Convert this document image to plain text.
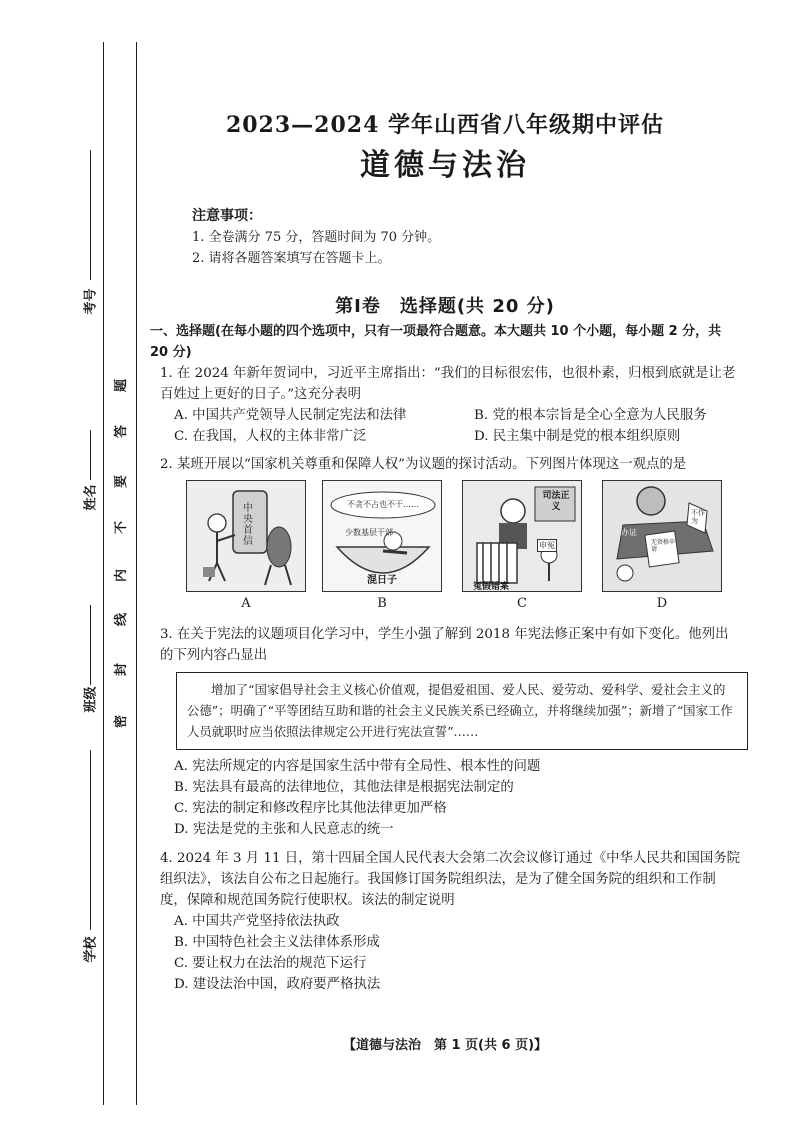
考号
姓名
班级
学校
密
封
线
内
不
要
答
题
2023—2024 学年山西省八年级期中评估
道德与法治
注意事项：
1. 全卷满分 75 分，答题时间为 70 分钟。
2. 请将各题答案填写在答题卡上。
第Ⅰ卷　选择题(共 20 分)
一、选择题(在每小题的四个选项中，只有一项最符合题意。本大题共 10 个小题，每小题 2 分，共 20 分)
1. 在 2024 年新年贺词中，习近平主席指出：“我们的目标很宏伟，也很朴素，归根到底就是让老百姓过上更好的日子。”这充分表明
A. 中国共产党领导人民制定宪法和法律	B. 党的根本宗旨是全心全意为人民服务
C. 在我国，人权的主体非常广泛	D. 民主集中制是党的根本组织原则
2. 某班开展以“国家机关尊重和保障人权”为议题的探讨活动。下列图片体现这一观点的是
中央首信
A
不贪不占也不干……
少数基层干部
混日子
B
司法正义
冤假错案
申冤
C
不作为
办证
无资格申请
D
3. 在关于宪法的议题项目化学习中，学生小强了解到 2018 年宪法修正案中有如下变化。他列出的下列内容凸显出
增加了“国家倡导社会主义核心价值观，提倡爱祖国、爱人民、爱劳动、爱科学、爱社会主义的公德”；明确了“平等团结互助和谐的社会主义民族关系已经确立，并将继续加强”；新增了“国家工作人员就职时应当依照法律规定公开进行宪法宣誓”……
A. 宪法所规定的内容是国家生活中带有全局性、根本性的问题
B. 宪法具有最高的法律地位，其他法律是根据宪法制定的
C. 宪法的制定和修改程序比其他法律更加严格
D. 宪法是党的主张和人民意志的统一
4. 2024 年 3 月 11 日，第十四届全国人民代表大会第二次会议修订通过《中华人民共和国国务院组织法》，该法自公布之日起施行。我国修订国务院组织法，是为了健全国务院的组织和工作制度，保障和规范国务院行使职权。该法的制定说明
A. 中国共产党坚持依法执政
B. 中国特色社会主义法律体系形成
C. 要让权力在法治的规范下运行
D. 建设法治中国，政府要严格执法
【道德与法治　第 1 页(共 6 页)】
